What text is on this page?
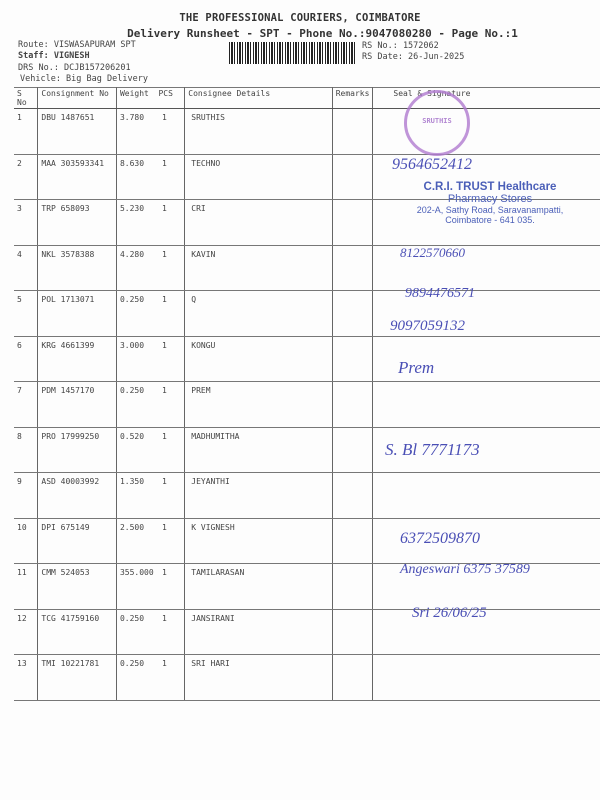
THE PROFESSIONAL COURIERS, COIMBATORE
Delivery Runsheet - SPT - Phone No.:9047080280 - Page No.:1
Route: VISWASAPURAM SPT
Staff: VIGNESH
DRS No.: DCJB157206201
Vehicle: Big Bag Delivery
RS No.: 1572062
RS Date: 26-Jun-2025
S No	Consignment No	Weight PCS	Consignee Details	Remarks	Seal & Signature
1	DBU 1487651	3.780 1	SRUTHIS		
2	MAA 303593341	8.630 1	TECHNO		
3	TRP 658093	5.230 1	CRI		
4	NKL 3578388	4.280 1	KAVIN		
5	POL 1713071	0.250 1	Q		
6	KRG 4661399	3.000 1	KONGU		
7	PDM 1457170	0.250 1	PREM		
8	PRO 17999250	0.520 1	MADHUMITHA		
9	ASD 40003992	1.350 1	JEYANTHI		
10	DPI 675149	2.500 1	K VIGNESH		
11	CMM 524053	355.000 1	TAMILARASAN		
12	TCG 41759160	0.250 1	JANSIRANI		
13	TMI 10221781	0.250 1	SRI HARI		
SRUTHIS
C.R.I. TRUST Healthcare
Pharmacy Stores
202-A, Sathy Road, Saravanampatti,
Coimbatore - 641 035.
9564652412
8122570660
9894476571
9097059132
Prem
S. Bl 7771173
6372509870
Angeswari 6375 37589
Sri 26/06/25
